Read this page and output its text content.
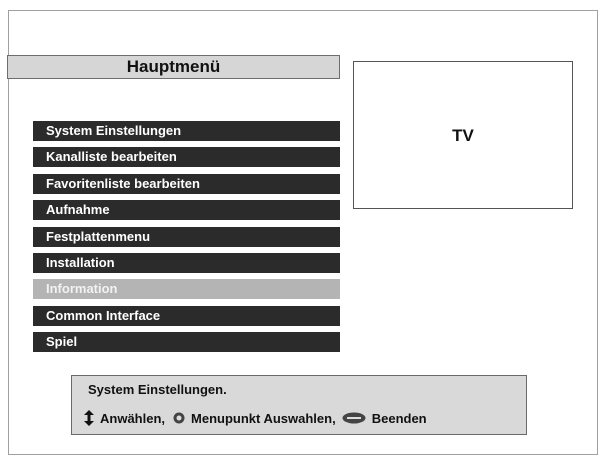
Hauptmenü
TV
System Einstellungen
Kanalliste bearbeiten
Favoritenliste bearbeiten
Aufnahme
Festplattenmenu
Installation
Information
Common Interface
Spiel
System Einstellungen.
Anwählen, Menupunkt Auswahlen,	Beenden
